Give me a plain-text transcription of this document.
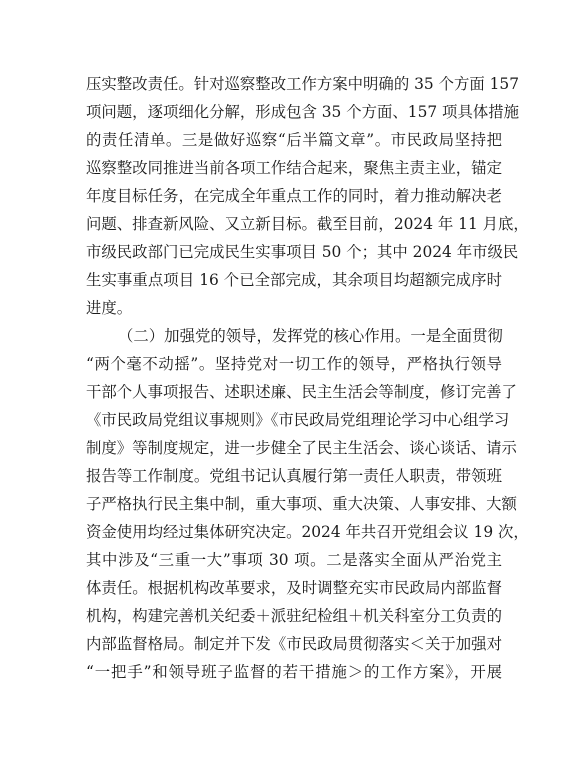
压实整改责任。针对巡察整改工作方案中明确的 35 个方面 157
项问题，逐项细化分解，形成包含 35 个方面、157 项具体措施
的责任清单。三是做好巡察“后半篇文章”。市民政局坚持把
巡察整改同推进当前各项工作结合起来，聚焦主责主业，锚定
年度目标任务，在完成全年重点工作的同时，着力推动解决老
问题、排查新风险、又立新目标。截至目前，2024 年 11 月底，
市级民政部门已完成民生实事项目 50 个；其中 2024 年市级民
生实事重点项目 16 个已全部完成，其余项目均超额完成序时
进度。
（二）加强党的领导，发挥党的核心作用。一是全面贯彻
“两个毫不动摇”。坚持党对一切工作的领导，严格执行领导
干部个人事项报告、述职述廉、民主生活会等制度，修订完善了
《市民政局党组议事规则》《市民政局党组理论学习中心组学习
制度》等制度规定，进一步健全了民主生活会、谈心谈话、请示
报告等工作制度。党组书记认真履行第一责任人职责，带领班
子严格执行民主集中制，重大事项、重大决策、人事安排、大额
资金使用均经过集体研究决定。2024 年共召开党组会议 19 次，
其中涉及“三重一大”事项 30 项。二是落实全面从严治党主
体责任。根据机构改革要求，及时调整充实市民政局内部监督
机构，构建完善机关纪委＋派驻纪检组＋机关科室分工负责的
内部监督格局。制定并下发《市民政局贯彻落实＜关于加强对
“一把手”和领导班子监督的若干措施＞的工作方案》，开展
